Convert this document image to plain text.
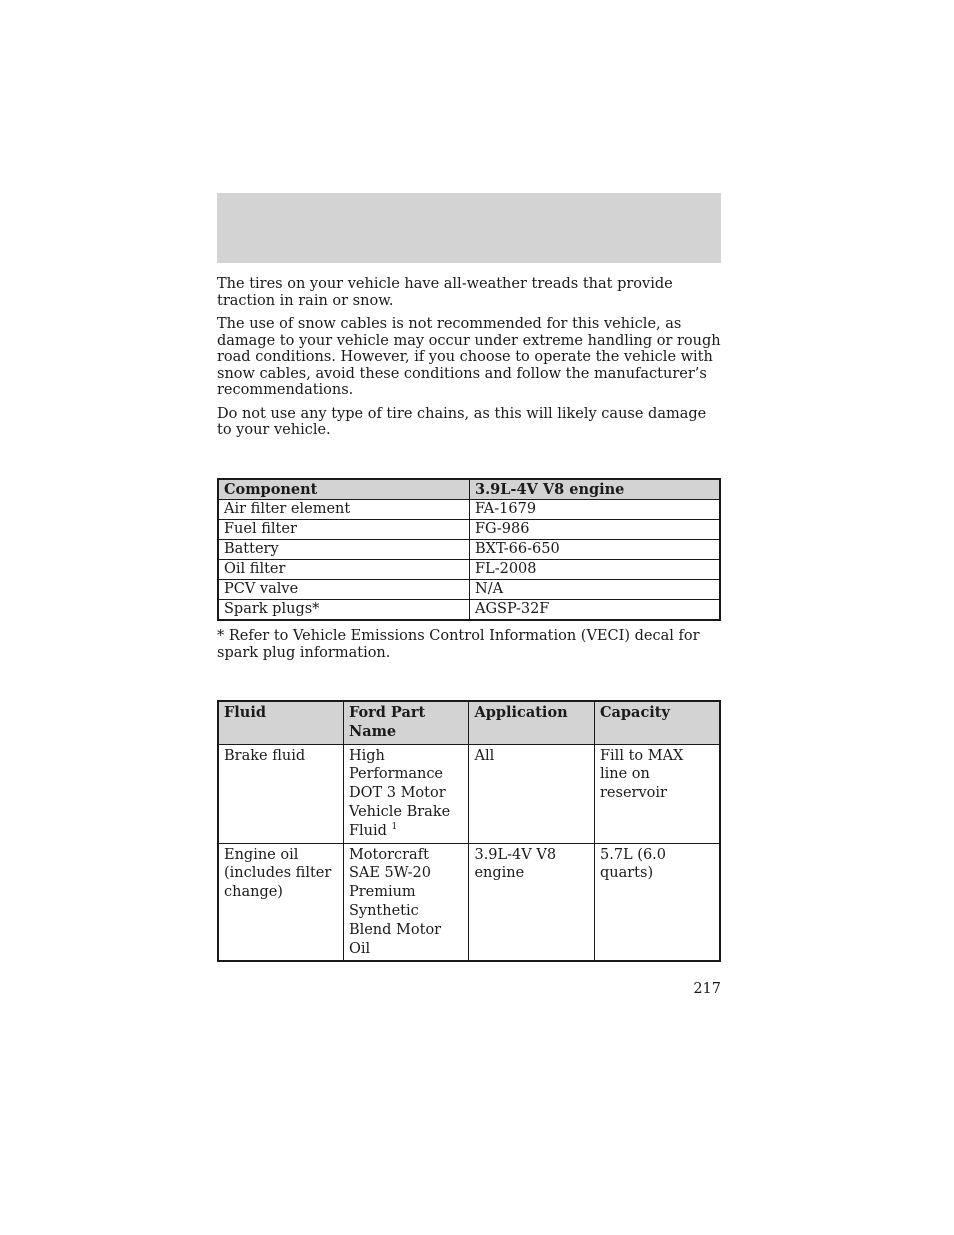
The tires on your vehicle have all-weather treads that provide traction in rain or snow.

The use of snow cables is not recommended for this vehicle, as damage to your vehicle may occur under extreme handling or rough road conditions. However, if you choose to operate the vehicle with snow cables, avoid these conditions and follow the manufacturer’s recommendations.

Do not use any type of tire chains, as this will likely cause damage to your vehicle.

Component	3.9L-4V V8 engine
Air filter element	FA-1679
Fuel filter	FG-986
Battery	BXT-66-650
Oil filter	FL-2008
PCV valve	N/A
Spark plugs*	AGSP-32F

* Refer to Vehicle Emissions Control Information (VECI) decal for spark plug information.

Fluid	Ford Part Name	Application	Capacity
Brake fluid	High Performance DOT 3 Motor Vehicle Brake Fluid $^1$	All	Fill to MAX line on reservoir
Engine oil (includes filter change)	Motorcraft SAE 5W-20 Premium Synthetic Blend Motor Oil	3.9L-4V V8 engine	5.7L (6.0 quarts)
217
